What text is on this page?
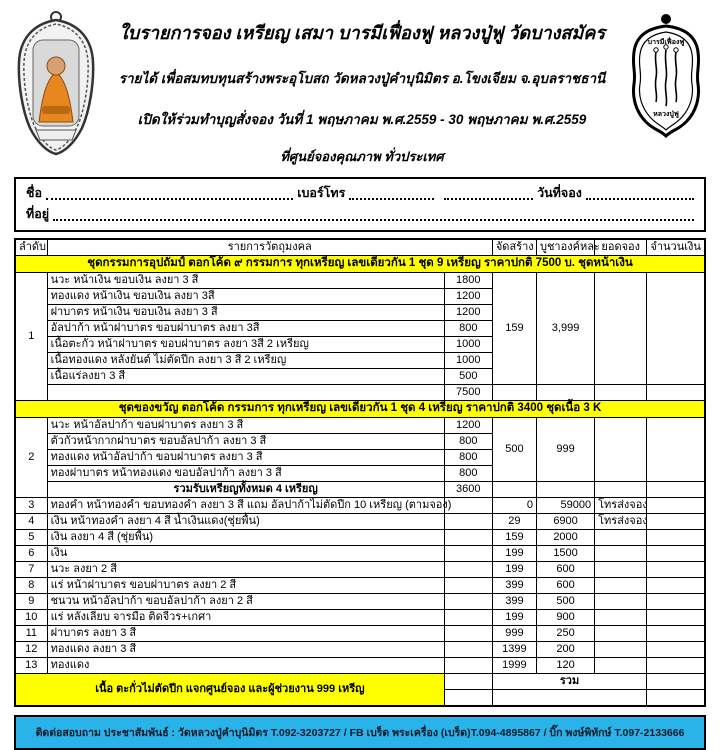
ใบรายการจอง เหรียญ เสมา บารมีเฟื่องฟู หลวงปู่ฟู วัดบางสมัคร
รายได้ เพื่อสมทบทุนสร้างพระอุโบสถ วัดหลวงปู่คำบุนิมิตร อ.โขงเจียม จ.อุบลราชธานี
เปิดให้ร่วมทำบุญสั่งจอง วันที่ 1 พฤษภาคม พ.ศ.2559 - 30 พฤษภาคม พ.ศ.2559
ที่ศูนย์จองคุณภาพ ทั่วประเทศ
บารมีเฟื่องฟู
หลวงปู่ฟู
ชื่อ	เบอร์โทร	วันที่จอง
ที่อยู่
ลำดับ	รายการวัตถุมงคล		จัดสร้าง	บูชาองค์หละ	ยอดจอง	จำนวนเงิน
ชุดกรรมการอุปถัมป์ ตอกโค้ด ๙ กรรมการ ทุกเหรียญ เลขเดียวกัน 1 ชุด 9 เหรียญ ราคาปกติ 7500 บ. ชุดหน้าเงิน						
1	นวะ หน้าเงิน ขอบเงิน ลงยา 3 สี	1800	159	3,999		
	ทองแดง หน้าเงิน ขอบเงิน ลงยา 3สี	1200				
	ฝาบาตร หน้าเงิน ขอบเงิน ลงยา 3 สี	1200				
	อัลปาก้า หน้าฝาบาตร ขอบฝาบาตร ลงยา 3สี	800				
	เนื้อตะกั่ว หน้าฝาบาตร ขอบฝาบาตร ลงยา 3สี 2 เหรียญ	1000				
	เนื้อทองแดง หลังยันต์ ไม่ตัดปีก ลงยา 3 สี 2 เหรียญ	1000				
	เนื้อแร่ลงยา 3 สี	500				
		7500				
ชุดของขวัญ ตอกโค้ด กรรมการ ทุกเหรียญ เลขเดียวกัน 1 ชุด 4 เหรียญ ราคาปกติ 3400 ชุดเนื้อ 3 K						
2	นวะ หน้าอัลปาก้า ขอบฝาบาตร ลงยา 3 สี	1200	500	999		
	ตัวกั่วหน้ากากฝาบาตร ขอบอัลปาก้า ลงยา 3 สี	800				
	ทองแดง หน้าอัลปาก้า ขอบฝาบาตร ลงยา 3 สี	800				
	ทองฝาบาตร หน้าทองแดง ขอบอัลปาก้า ลงยา 3 สี	800				
	รวมรับเหรียญทั้งหมด 4 เหรียญ	3600				
3	ทองคำ หน้าทองคำ ขอบทองคำ ลงยา 3 สี แถม อัลปาก้าไม่ตัดปีก 10 เหรียญ (ตามจอง)		0	59000	โทรส่งจอง	
4	เงิน หน้าทองคำ ลงยา 4 สี น้ำเงินแดง(ชุ่ยพื้น)		29	6900	โทรส่งจอง	
5	เงิน ลงยา 4 สี (ชุ่ยพื้น)		159	2000		
6	เงิน		199	1500		
7	นวะ ลงยา 2 สี		199	600		
8	แร่ หน้าฝาบาตร ขอบฝาบาตร ลงยา 2 สี		399	600		
9	ชนวน หน้าอัลปาก้า ขอบอัลปาก้า ลงยา 2 สี		399	500		
10	แร่ หลังเลียบ จารมือ ติดจีวร+เกศา		199	900		
11	ฝาบาตร ลงยา 3 สี		999	250		
12	ทองแดง ลงยา 3 สี		1399	200		
13	ทองแดง		1999	120		
เนื้อ ตะกั่วไม่ตัดปีก แจกศูนย์จอง และผู้ช่วยงาน 999 เหรีญ			รวม			

ติดต่อสอบถาม ประชาสัมพันธ์ : วัดหลวงปู่คำบุนิมิตร T.092-3203727 / FB เบร็ด พระเครื่อง (เบร็ด)T.094-4895867 / บิ๊ก พงษ์พิทักษ์ T.097-2133666
